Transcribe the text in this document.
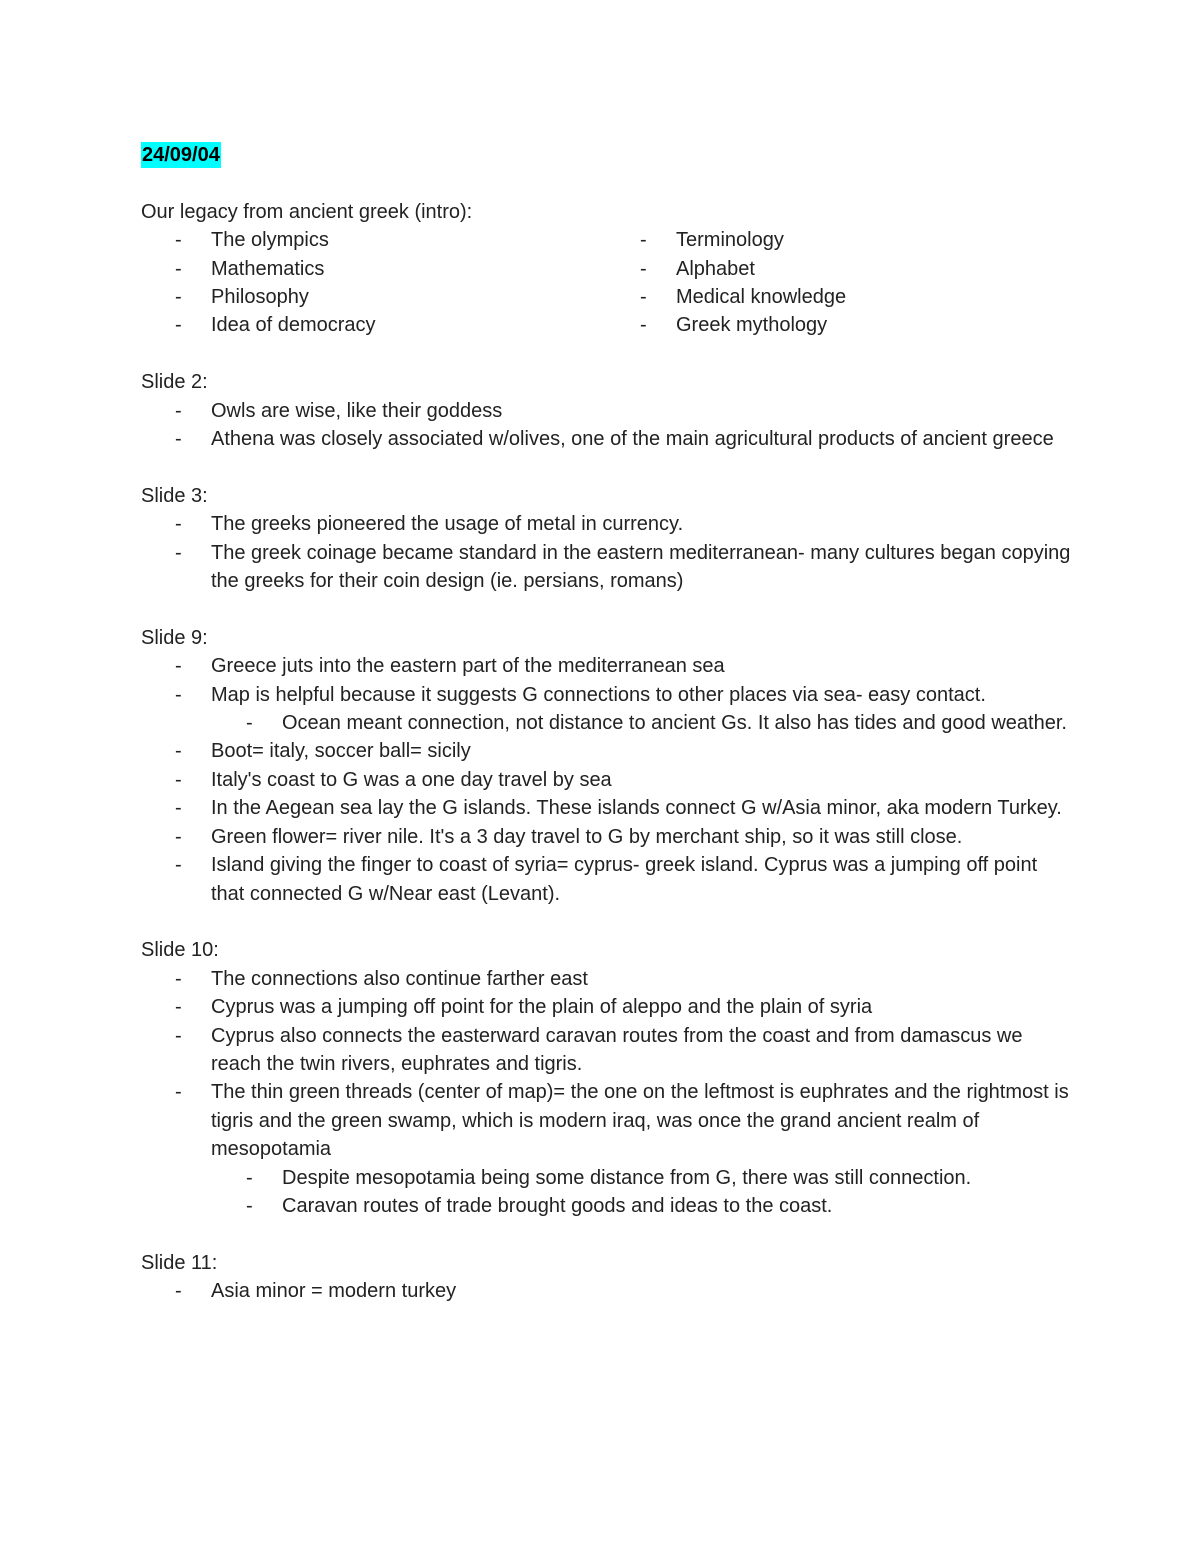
24/09/04
Our legacy from ancient greek (intro):
-	The olympics
-	Mathematics
-	Philosophy
-	Idea of democracy
-	Terminology
-	Alphabet
-	Medical knowledge
-	Greek mythology
Slide 2:
-	Owls are wise, like their goddess
-	Athena was closely associated w/olives, one of the main agricultural products of ancient greece
Slide 3:
-	The greeks pioneered the usage of metal in currency.
-	The greek coinage became standard in the eastern mediterranean- many cultures began copying the greeks for their coin design (ie. persians, romans)
Slide 9:
-	Greece juts into the eastern part of the mediterranean sea
-	Map is helpful because it suggests G connections to other places via sea- easy contact.
-	Ocean meant connection, not distance to ancient Gs. It also has tides and good weather.
-	Boot= italy, soccer ball= sicily
-	Italy's coast to G was a one day travel by sea
-	In the Aegean sea lay the G islands. These islands connect G w/Asia minor, aka modern Turkey.
-	Green flower= river nile. It's a 3 day travel to G by merchant ship, so it was still close.
-	Island giving the finger to coast of syria= cyprus- greek island. Cyprus was a jumping off point that connected G w/Near east (Levant).
Slide 10:
-	The connections also continue farther east
-	Cyprus was a jumping off point for the plain of aleppo and the plain of syria
-	Cyprus also connects the easterward caravan routes from the coast and from damascus we reach the twin rivers, euphrates and tigris.
-	The thin green threads (center of map)= the one on the leftmost is euphrates and the rightmost is tigris and the green swamp, which is modern iraq, was once the grand ancient realm of mesopotamia
-	Despite mesopotamia being some distance from G, there was still connection.
-	Caravan routes of trade brought goods and ideas to the coast.
Slide 11:
-	Asia minor = modern turkey
